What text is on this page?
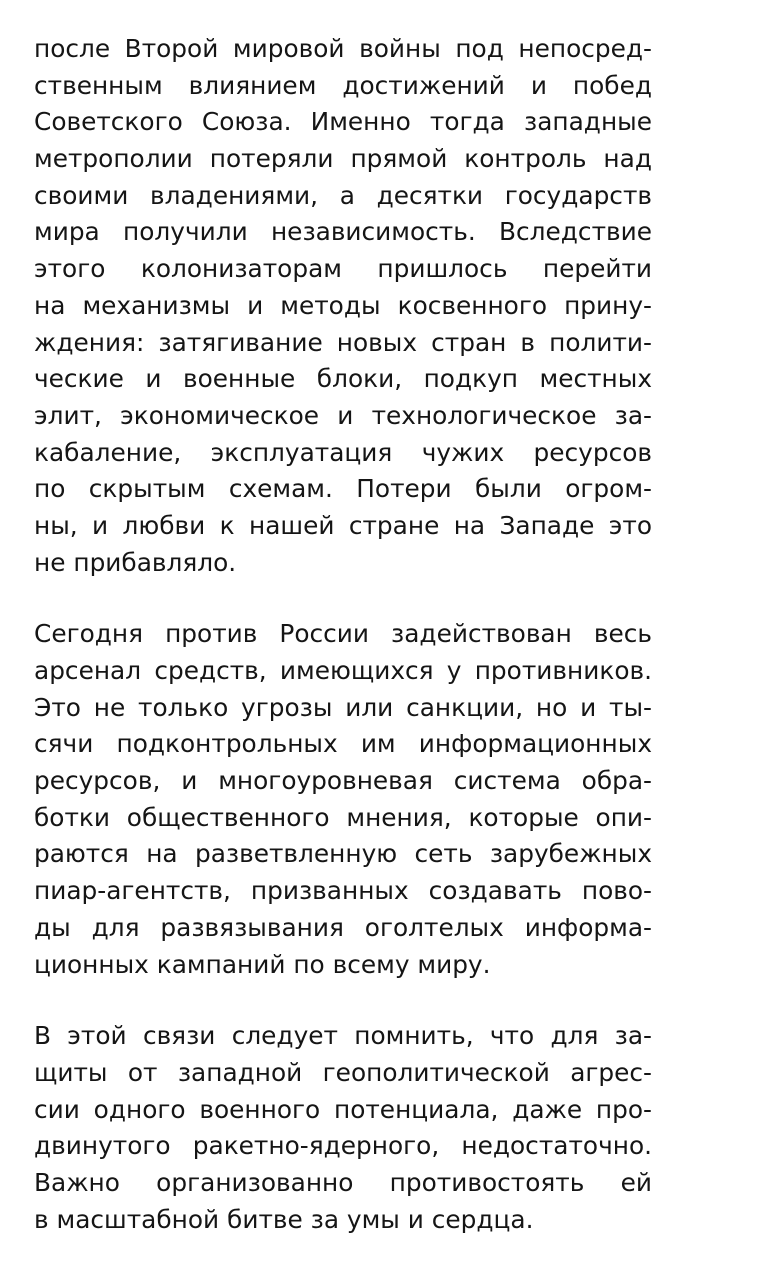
после Второй мировой войны под непосред-
ственным влиянием достижений и побед
Советского Союза. Именно тогда западные
метрополии потеряли прямой контроль над
своими владениями, а десятки государств
мира получили независимость. Вследствие
этого колонизаторам пришлось перейти
на механизмы и методы косвенного прину-
ждения: затягивание новых стран в полити-
ческие и военные блоки, подкуп местных
элит, экономическое и технологическое за-
кабаление, эксплуатация чужих ресурсов
по скрытым схемам. Потери были огром-
ны, и любви к нашей стране на Западе это
не прибавляло.
Сегодня против России задействован весь
арсенал средств, имеющихся у противников.
Это не только угрозы или санкции, но и ты-
сячи подконтрольных им информационных
ресурсов, и многоуровневая система обра-
ботки общественного мнения, которые опи-
раются на разветвленную сеть зарубежных
пиар-агентств, призванных создавать пово-
ды для развязывания оголтелых информа-
ционных кампаний по всему миру.
В этой связи следует помнить, что для за-
щиты от западной геополитической агрес-
сии одного военного потенциала, даже про-
двинутого ракетно-ядерного, недостаточно.
Важно организованно противостоять ей
в масштабной битве за умы и сердца.
